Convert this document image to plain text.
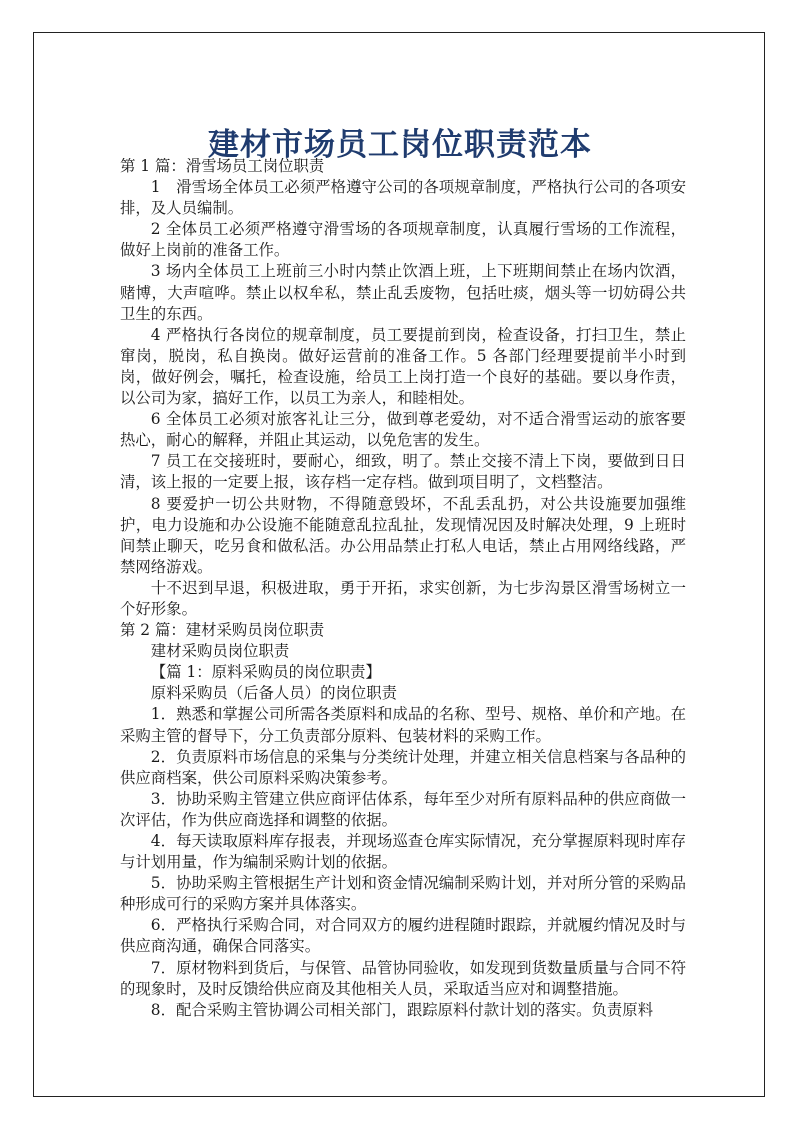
建材市场员工岗位职责范本

第 1 篇：滑雪场员工岗位职责

1　滑雪场全体员工必须严格遵守公司的各项规章制度，严格执行公司的各项安排，及人员编制。

2 全体员工必须严格遵守滑雪场的各项规章制度，认真履行雪场的工作流程，做好上岗前的准备工作。

3 场内全体员工上班前三小时内禁止饮酒上班，上下班期间禁止在场内饮酒，赌博，大声喧哗。禁止以权牟私，禁止乱丢废物，包括吐痰，烟头等一切妨碍公共卫生的东西。

4 严格执行各岗位的规章制度，员工要提前到岗，检查设备，打扫卫生，禁止窜岗，脱岗，私自换岗。做好运营前的准备工作。5 各部门经理要提前半小时到岗，做好例会，嘱托，检查设施，给员工上岗打造一个良好的基础。要以身作责，以公司为家，搞好工作，以员工为亲人，和睦相处。

6 全体员工必须对旅客礼让三分，做到尊老爱幼，对不适合滑雪运动的旅客要热心，耐心的解释，并阻止其运动，以免危害的发生。

7 员工在交接班时，要耐心，细致，明了。禁止交接不清上下岗，要做到日日清，该上报的一定要上报，该存档一定存档。做到项目明了，文档整洁。

8 要爱护一切公共财物，不得随意毁坏，不乱丢乱扔，对公共设施要加强维护，电力设施和办公设施不能随意乱拉乱扯，发现情况因及时解决处理，9 上班时间禁止聊天，吃另食和做私活。办公用品禁止打私人电话，禁止占用网络线路，严禁网络游戏。

十不迟到早退，积极进取，勇于开拓，求实创新，为七步沟景区滑雪场树立一个好形象。

第 2 篇：建材采购员岗位职责

建材采购员岗位职责

【篇 1：原料采购员的岗位职责】

原料采购员（后备人员）的岗位职责

1．熟悉和掌握公司所需各类原料和成品的名称、型号、规格、单价和产地。在采购主管的督导下，分工负责部分原料、包装材料的采购工作。

2．负责原料市场信息的采集与分类统计处理，并建立相关信息档案与各品种的供应商档案，供公司原料采购决策参考。

3．协助采购主管建立供应商评估体系，每年至少对所有原料品种的供应商做一次评估，作为供应商选择和调整的依据。

4．每天读取原料库存报表，并现场巡查仓库实际情况，充分掌握原料现时库存与计划用量，作为编制采购计划的依据。

5．协助采购主管根据生产计划和资金情况编制采购计划，并对所分管的采购品种形成可行的采购方案并具体落实。

6．严格执行采购合同，对合同双方的履约进程随时跟踪，并就履约情况及时与供应商沟通，确保合同落实。

7．原材物料到货后，与保管、品管协同验收，如发现到货数量质量与合同不符的现象时，及时反馈给供应商及其他相关人员，采取适当应对和调整措施。

8．配合采购主管协调公司相关部门，跟踪原料付款计划的落实。负责原料
